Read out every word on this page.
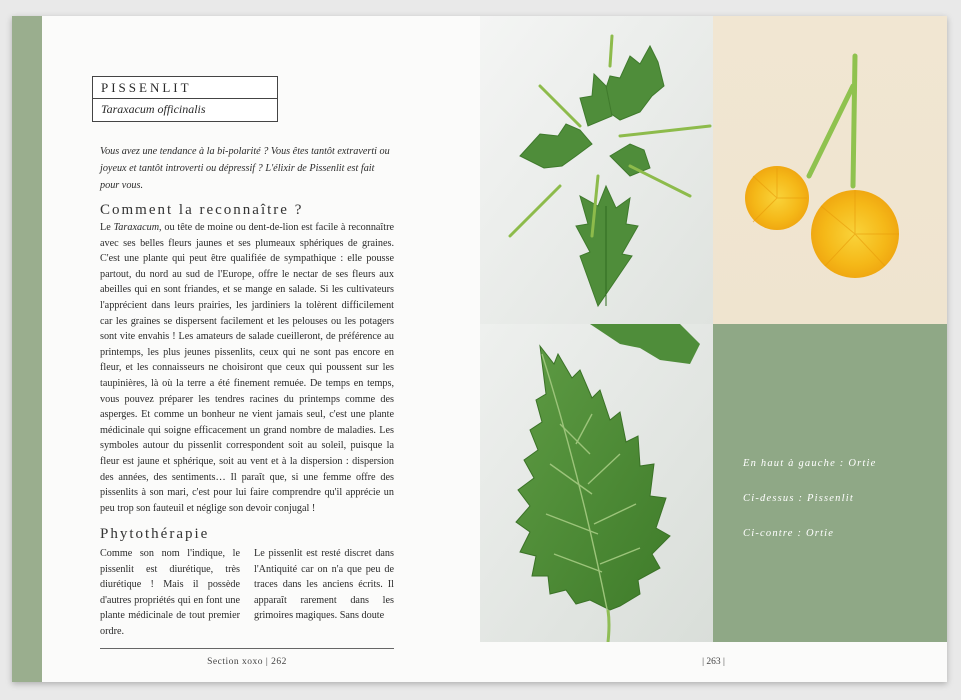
PISSENLIT
Taraxacum officinalis
Vous avez une tendance à la bi-polarité ? Vous êtes tantôt extraverti ou joyeux et tantôt introverti ou dépressif ? L'élixir de Pissenlit est fait pour vous.
Comment la reconnaître ?

Le Taraxacum, ou tête de moine ou dent-de-lion est facile à reconnaître avec ses belles fleurs jaunes et ses plumeaux sphériques de graines. C'est une plante qui peut être qualifiée de sympathique : elle pousse partout, du nord au sud de l'Europe, offre le nectar de ses fleurs aux abeilles qui en sont friandes, et se mange en salade. Si les cultivateurs l'apprécient dans leurs prairies, les jardiniers la tolèrent difficilement car les graines se dispersent facilement et les pelouses ou les potagers sont vite envahis ! Les amateurs de salade cueilleront, de préférence au printemps, les plus jeunes pissenlits, ceux qui ne sont pas encore en fleur, et les connaisseurs ne choisiront que ceux qui poussent sur les taupinières, là où la terre a été finement remuée. De temps en temps, vous pouvez préparer les tendres racines du printemps comme des asperges. Et comme un bonheur ne vient jamais seul, c'est une plante médicinale qui soigne efficacement un grand nombre de maladies. Les symboles autour du pissenlit correspondent soit au soleil, puisque la fleur est jaune et sphérique, soit au vent et à la dispersion : dispersion des années, des sentiments… Il paraît que, si une femme offre des pissenlits à son mari, c'est pour lui faire comprendre qu'il apprécie un peu trop son fauteuil et néglige son devoir conjugal !

Phytothérapie
Comme son nom l'indique, le pissenlit est diurétique, très diurétique ! Mais il possède d'autres propriétés qui en font une plante médicinale de tout premier ordre.
Le pissenlit est resté discret dans l'Antiquité car on n'a que peu de traces dans les anciens écrits. Il apparaît rarement dans les grimoires magiques. Sans doute
Section xoxo | 262
En haut à gauche : Ortie
Ci-dessus : Pissenlit
Ci-contre : Ortie
| 263 |
